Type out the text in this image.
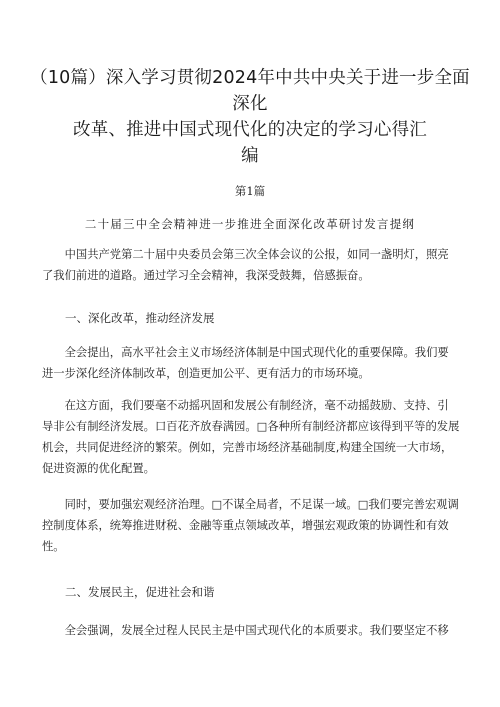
（10篇）深入学习贯彻2024年中共中央关于进一步全面深化
改革、推进中国式现代化的决定的学习心得汇
编
第1篇
二十届三中全会精神进一步推进全面深化改革研讨发言提纲
　　中国共产党第二十届中央委员会第三次全体会议的公报，如同一盏明灯，照亮
了我们前进的道路。通过学习全会精神，我深受鼓舞，倍感振奋。
一、深化改革，推动经济发展
　　全会提出，高水平社会主义市场经济体制是中国式现代化的重要保障。我们要
进一步深化经济体制改革，创造更加公平、更有活力的市场环境。
　　在这方面，我们要毫不动摇巩固和发展公有制经济，毫不动摇鼓励、支持、引
导非公有制经济发展。口百花齐放春满园。□各种所有制经济都应该得到平等的发展
机会，共同促进经济的繁荣。例如，完善市场经济基础制度,构建全国统一大市场，
促进资源的优化配置。
　　同时，要加强宏观经济治理。□不谋全局者，不足谋一域。□我们要完善宏观调
控制度体系，统筹推进财税、金融等重点领域改革，增强宏观政策的协调性和有效
性。
二、发展民主，促进社会和谐
　　全会强调，发展全过程人民民主是中国式现代化的本质要求。我们要坚定不移
